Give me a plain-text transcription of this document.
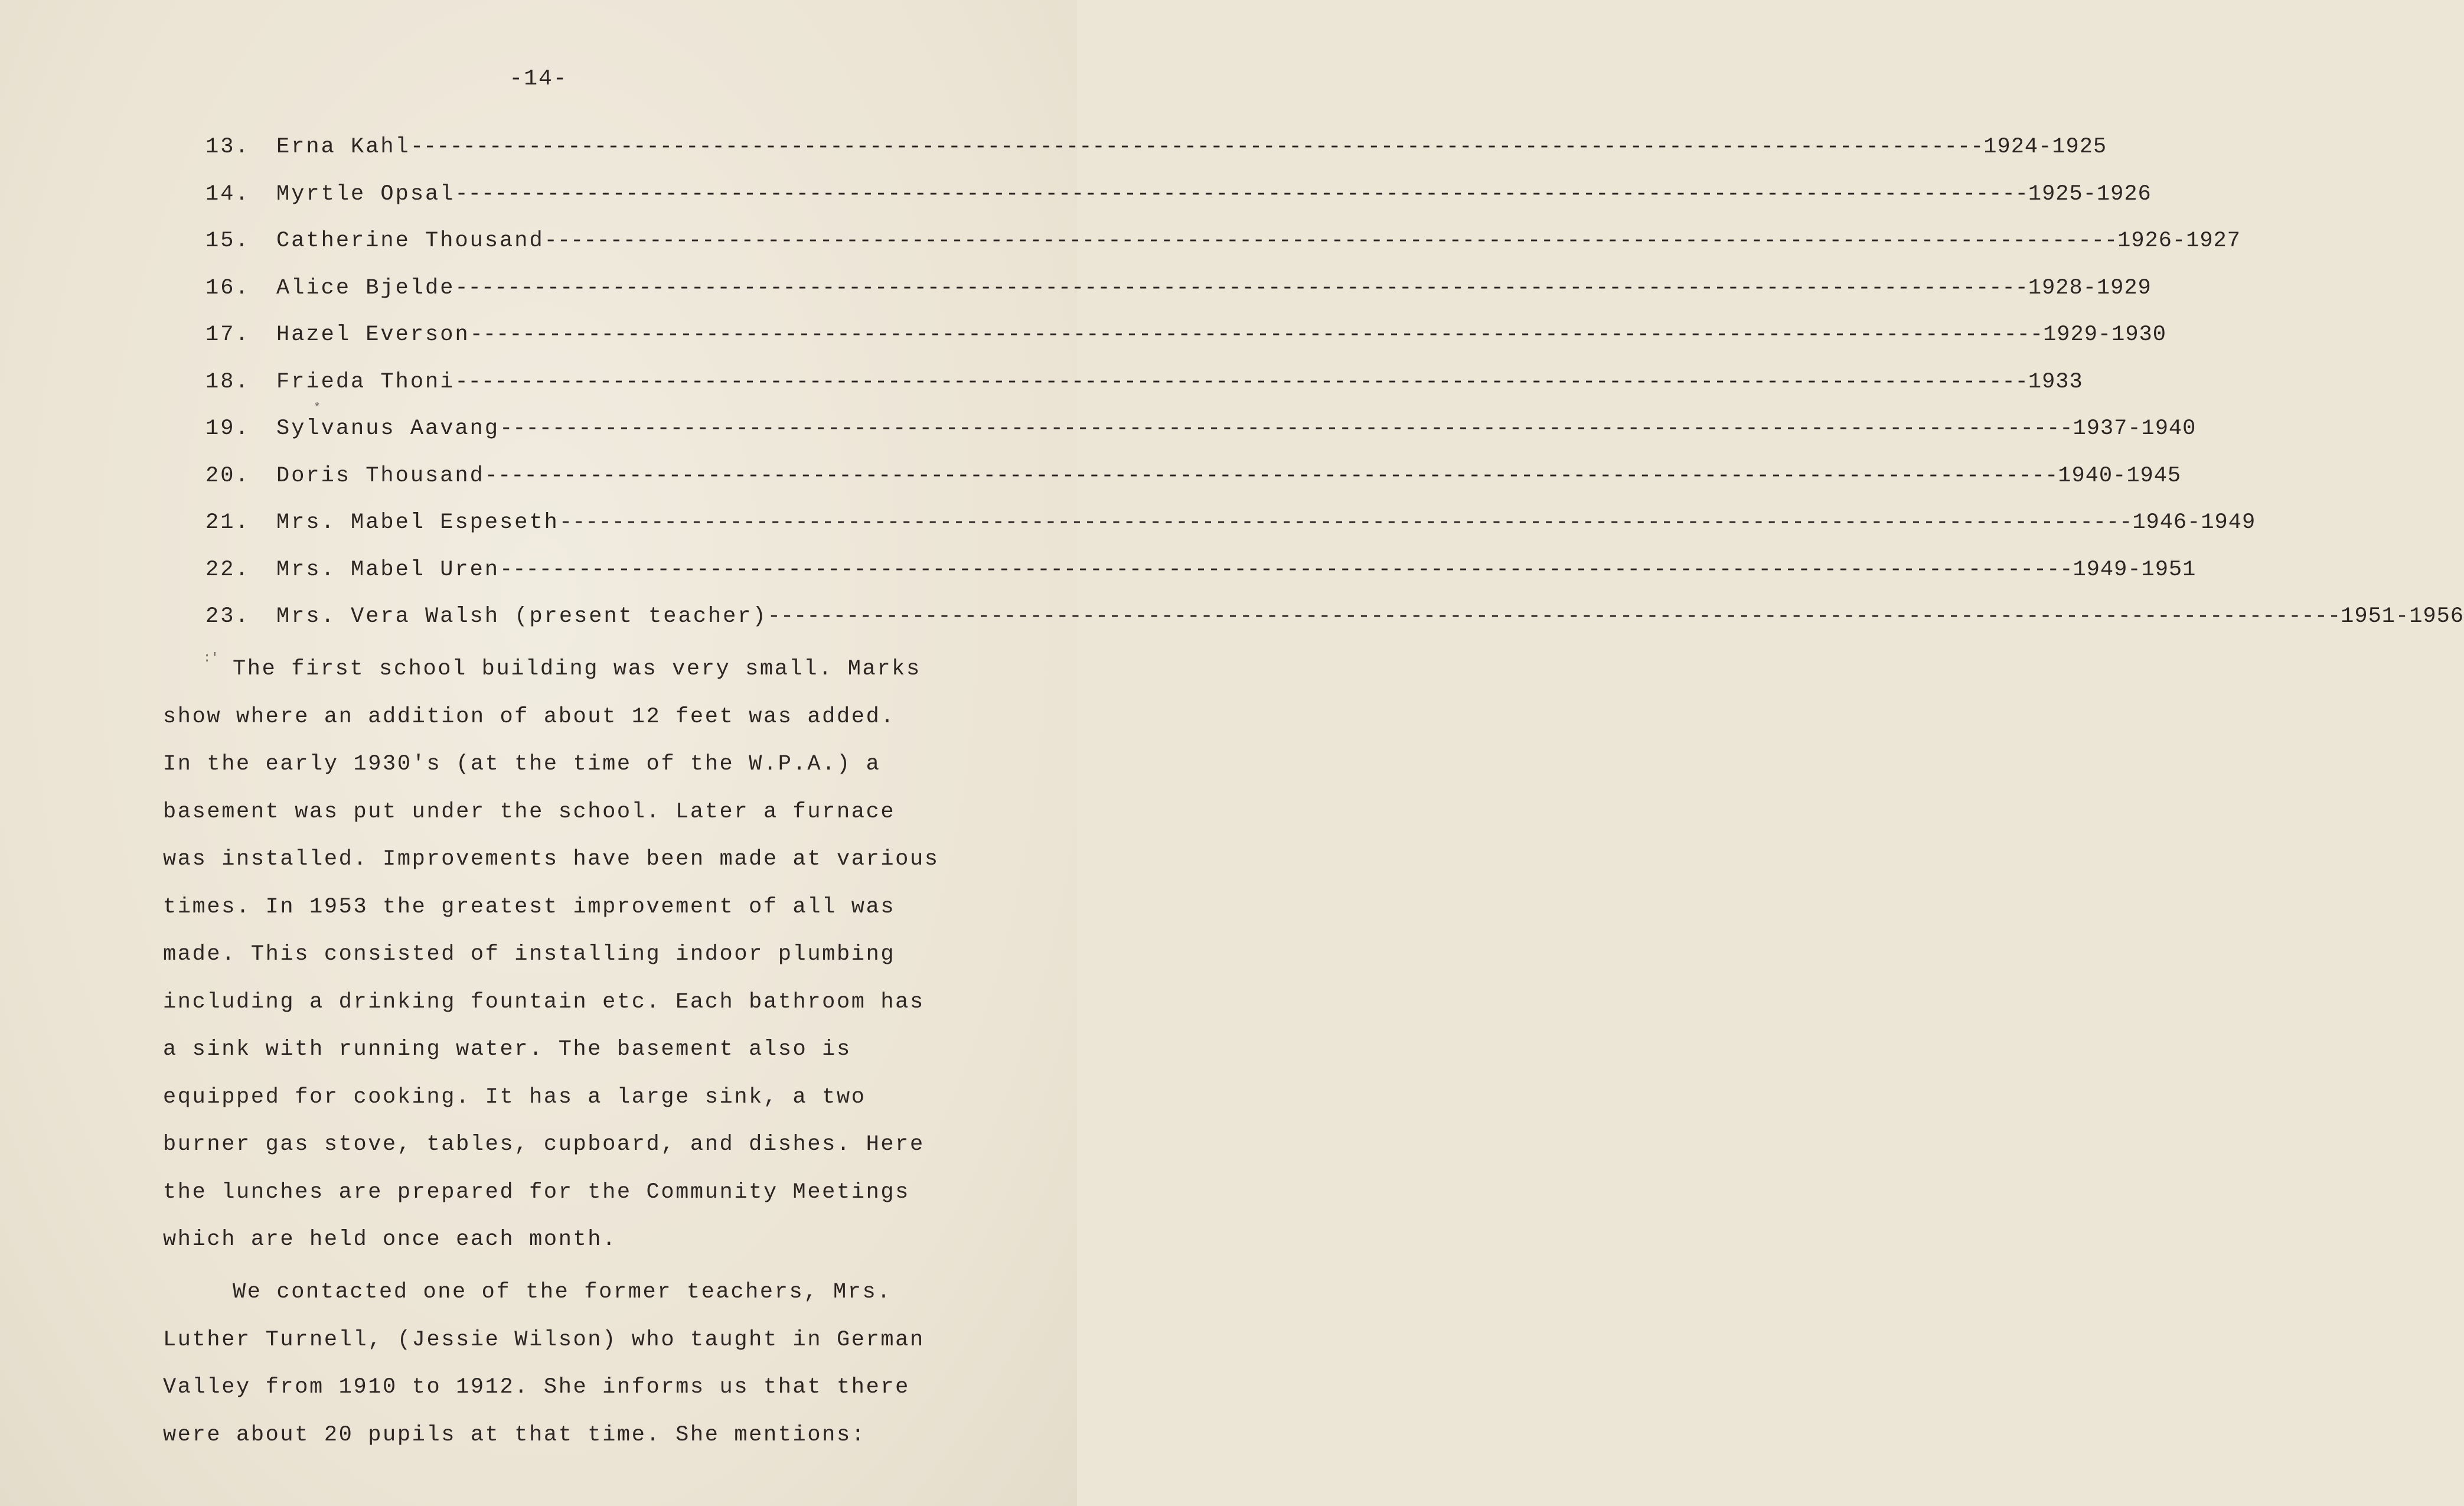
-14-
13.	Erna Kahl ------------------------------------------------------------------------------------------------------------------------ 1924-1925
14.	Myrtle Opsal ------------------------------------------------------------------------------------------------------------------------ 1925-1926
15.	Catherine Thousand ------------------------------------------------------------------------------------------------------------------------ 1926-1927
16.	Alice Bjelde ------------------------------------------------------------------------------------------------------------------------ 1928-1929
17.	Hazel Everson ------------------------------------------------------------------------------------------------------------------------ 1929-1930
18.	Frieda Thoni ------------------------------------------------------------------------------------------------------------------------ 1933
19.	Sylvanus Aavang ------------------------------------------------------------------------------------------------------------------------ 1937-1940
20.	Doris Thousand ------------------------------------------------------------------------------------------------------------------------ 1940-1945
21.	Mrs. Mabel Espeseth ------------------------------------------------------------------------------------------------------------------------ 1946-1949
22.	Mrs. Mabel Uren ------------------------------------------------------------------------------------------------------------------------ 1949-1951
23.	Mrs. Vera Walsh (present teacher) ------------------------------------------------------------------------------------------------------------------------ 1951-1956
*
:' The first school building was very small. Marks
show where an addition of about 12 feet was added.
In the early 1930's (at the time of the W.P.A.) a
basement was put under the school. Later a furnace
was installed. Improvements have been made at various
times. In 1953 the greatest improvement of all was
made. This consisted of installing indoor plumbing
including a drinking fountain etc. Each bathroom has
a sink with running water. The basement also is
equipped for cooking. It has a large sink, a two
burner gas stove, tables, cupboard, and dishes. Here
the lunches are prepared for the Community Meetings
which are held once each month.
We contacted one of the former teachers, Mrs.
Luther Turnell, (Jessie Wilson) who taught in German
Valley from 1910 to 1912. She informs us that there
were about 20 pupils at that time. She mentions:
